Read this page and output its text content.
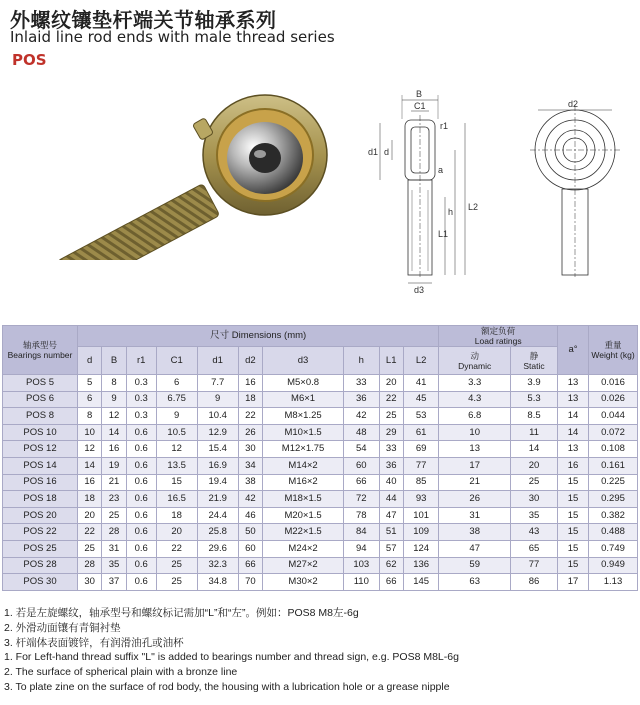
外螺纹镶垫杆端关节轴承系列
Inlaid line rod ends with male thread series
POS
B
C1
r1
d1 d
a
h
L1
L2
d3
d2
轴承型号
Bearings number	尺寸 Dimensions (mm)										额定负荷
Load ratings		a°	重量
Weight (kg)

	d	B	r1	C1	d1	d2	d3	h	L1	L2	动
Dynamic	静
Static		

POS 5	5	8	0.3	6	7.7	16	M5×0.8	33	20	41	3.3	3.9	13	0.016
POS 6	6	9	0.3	6.75	9	18	M6×1	36	22	45	4.3	5.3	13	0.026
POS 8	8	12	0.3	9	10.4	22	M8×1.25	42	25	53	6.8	8.5	14	0.044
POS 10	10	14	0.6	10.5	12.9	26	M10×1.5	48	29	61	10	11	14	0.072
POS 12	12	16	0.6	12	15.4	30	M12×1.75	54	33	69	13	14	13	0.108
POS 14	14	19	0.6	13.5	16.9	34	M14×2	60	36	77	17	20	16	0.161
POS 16	16	21	0.6	15	19.4	38	M16×2	66	40	85	21	25	15	0.225
POS 18	18	23	0.6	16.5	21.9	42	M18×1.5	72	44	93	26	30	15	0.295
POS 20	20	25	0.6	18	24.4	46	M20×1.5	78	47	101	31	35	15	0.382
POS 22	22	28	0.6	20	25.8	50	M22×1.5	84	51	109	38	43	15	0.488
POS 25	25	31	0.6	22	29.6	60	M24×2	94	57	124	47	65	15	0.749
POS 28	28	35	0.6	25	32.3	66	M27×2	103	62	136	59	77	15	0.949
POS 30	30	37	0.6	25	34.8	70	M30×2	110	66	145	63	86	17	1.13
1. 若是左旋螺纹，轴承型号和螺纹标记需加“L”和“左”。例如：POS8 M8左-6g
2. 外滑动面镶有青铜衬垫
3. 杆端体表面镀锌，有润滑油孔或油杯
1. For Left-hand thread suffix "L" is added to bearings number and thread sign, e.g. POS8 M8L-6g
2. The surface of spherical plain with a bronze line
3. To plate zine on the surface of rod body, the housing with a lubrication hole or a grease nipple
